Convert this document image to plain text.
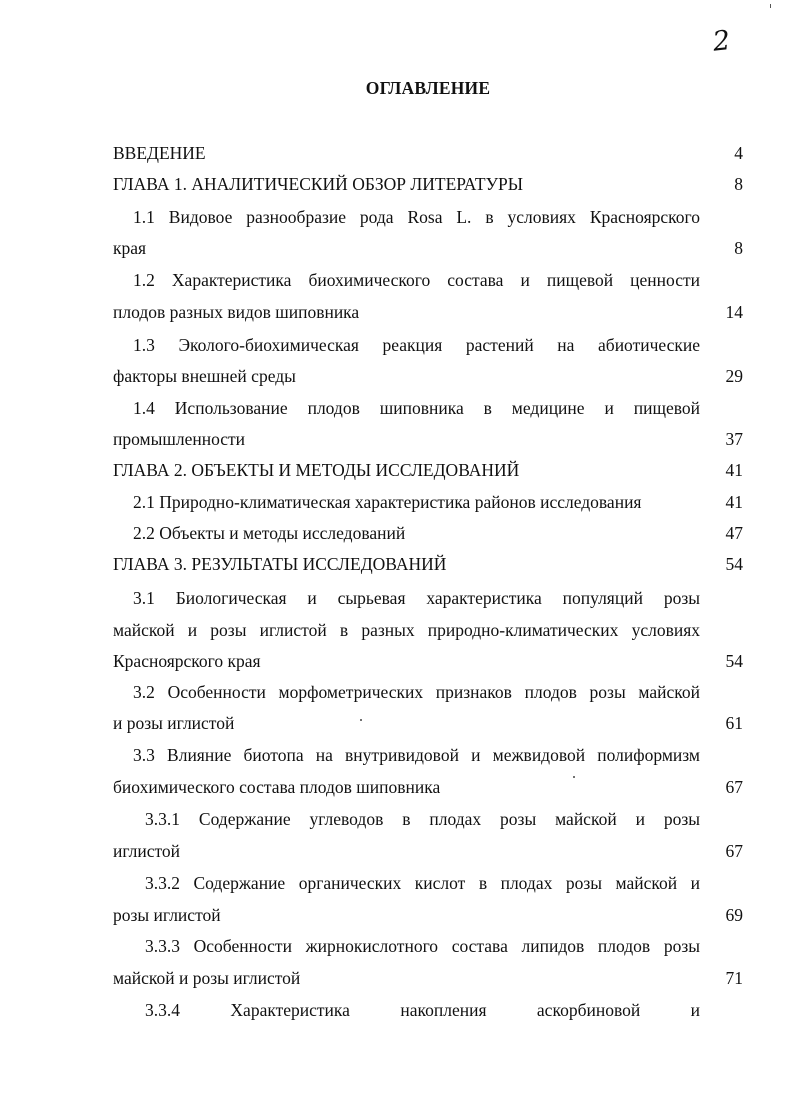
2
ОГЛАВЛЕНИЕ
ВВЕДЕНИЕ	4
ГЛАВА 1. АНАЛИТИЧЕСКИЙ ОБЗОР ЛИТЕРАТУРЫ	8
1.1 Видовое разнообразие рода Rosa L. в условиях Красноярского
края	8
1.2 Характеристика биохимического состава и пищевой ценности
плодов разных видов шиповника	14
1.3 Эколого-биохимическая реакция растений на абиотические
факторы внешней среды	29
1.4 Использование плодов шиповника в медицине и пищевой
промышленности	37
ГЛАВА 2. ОБЪЕКТЫ И МЕТОДЫ ИССЛЕДОВАНИЙ	41
2.1 Природно-климатическая характеристика районов исследования	41
2.2 Объекты и методы исследований	47
ГЛАВА 3. РЕЗУЛЬТАТЫ ИССЛЕДОВАНИЙ	54
3.1 Биологическая и сырьевая характеристика популяций розы
майской и розы иглистой в разных природно-климатических условиях
Красноярского края	54
3.2 Особенности морфометрических признаков плодов розы майской
и розы иглистой	61
3.3 Влияние биотопа на внутривидовой и межвидовой полиформизм
биохимического состава плодов шиповника	67
3.3.1 Содержание углеводов в плодах розы майской и розы
иглистой	67
3.3.2 Содержание органических кислот в плодах розы майской и
розы иглистой	69
3.3.3 Особенности жирнокислотного состава липидов плодов розы
майской и розы иглистой	71
3.3.4 Характеристика накопления аскорбиновой и
